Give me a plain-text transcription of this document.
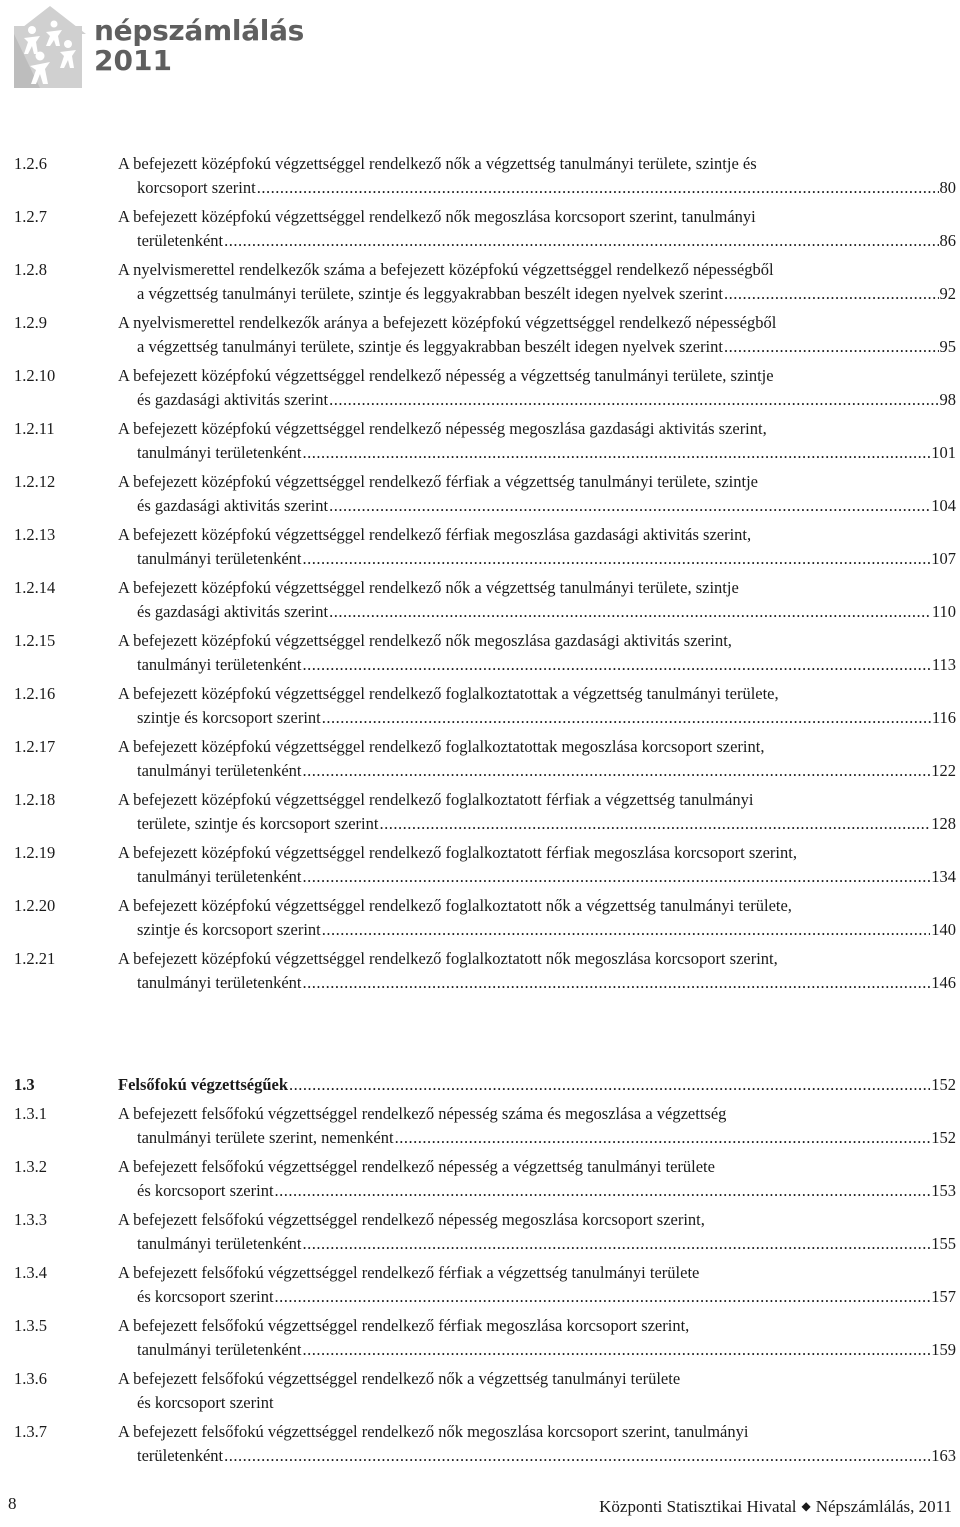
népszámlálás
2011
1.2.6	A befejezett középfokú végzettséggel rendelkező nők a végzettség tanulmányi területe, szintje és
korcsoport szerint .....	80
1.2.7	A befejezett középfokú végzettséggel rendelkező nők megoszlása korcsoport szerint, tanulmányi
területenként .....	86
1.2.8	A nyelvismerettel rendelkezők száma a befejezett középfokú végzettséggel rendelkező népességből
a végzettség tanulmányi területe, szintje és leggyakrabban beszélt idegen nyelvek szerint .....	92
1.2.9	A nyelvismerettel rendelkezők aránya a befejezett középfokú végzettséggel rendelkező népességből
a végzettség tanulmányi területe, szintje és leggyakrabban beszélt idegen nyelvek szerint .....	95
1.2.10	A befejezett középfokú végzettséggel rendelkező népesség a végzettség tanulmányi területe, szintje
és gazdasági aktivitás szerint .....	98
1.2.11	A befejezett középfokú végzettséggel rendelkező népesség megoszlása gazdasági aktivitás szerint,
tanulmányi területenként .....	101
1.2.12	A befejezett középfokú végzettséggel rendelkező férfiak a végzettség tanulmányi területe, szintje
és gazdasági aktivitás szerint .....	104
1.2.13	A befejezett középfokú végzettséggel rendelkező férfiak megoszlása gazdasági aktivitás szerint,
tanulmányi területenként .....	107
1.2.14	A befejezett középfokú végzettséggel rendelkező nők a végzettség tanulmányi területe, szintje
és gazdasági aktivitás szerint .....	110
1.2.15	A befejezett középfokú végzettséggel rendelkező nők megoszlása gazdasági aktivitás szerint,
tanulmányi területenként .....	113
1.2.16	A befejezett középfokú végzettséggel rendelkező foglalkoztatottak a végzettség tanulmányi területe,
szintje és korcsoport szerint .....	116
1.2.17	A befejezett középfokú végzettséggel rendelkező foglalkoztatottak megoszlása korcsoport szerint,
tanulmányi területenként .....	122
1.2.18	A befejezett középfokú végzettséggel rendelkező foglalkoztatott férfiak a végzettség tanulmányi
területe, szintje és korcsoport szerint .....	128
1.2.19	A befejezett középfokú végzettséggel rendelkező foglalkoztatott férfiak megoszlása korcsoport szerint,
tanulmányi területenként .....	134
1.2.20	A befejezett középfokú végzettséggel rendelkező foglalkoztatott nők a végzettség tanulmányi területe,
szintje és korcsoport szerint .....	140
1.2.21	A befejezett középfokú végzettséggel rendelkező foglalkoztatott nők megoszlása korcsoport szerint,
tanulmányi területenként .....	146
1.3	Felsőfokú végzettségűek .....	152
1.3.1	A befejezett felsőfokú végzettséggel rendelkező népesség száma és megoszlása a végzettség
tanulmányi területe szerint, nemenként .....	152
1.3.2	A befejezett felsőfokú végzettséggel rendelkező népesség a végzettség tanulmányi területe
és korcsoport szerint .....	153
1.3.3	A befejezett felsőfokú végzettséggel rendelkező népesség megoszlása korcsoport szerint,
tanulmányi területenként .....	155
1.3.4	A befejezett felsőfokú végzettséggel rendelkező férfiak a végzettség tanulmányi területe
és korcsoport szerint .....	157
1.3.5	A befejezett felsőfokú végzettséggel rendelkező férfiak megoszlása korcsoport szerint,
tanulmányi területenként .....	159
1.3.6	A befejezett felsőfokú végzettséggel rendelkező nők a végzettség tanulmányi területe
és korcsoport szerint
1.3.7	A befejezett felsőfokú végzettséggel rendelkező nők megoszlása korcsoport szerint, tanulmányi
területenként .....	163
8	Központi Statisztikai Hivatal ◆ Népszámlálás, 2011
